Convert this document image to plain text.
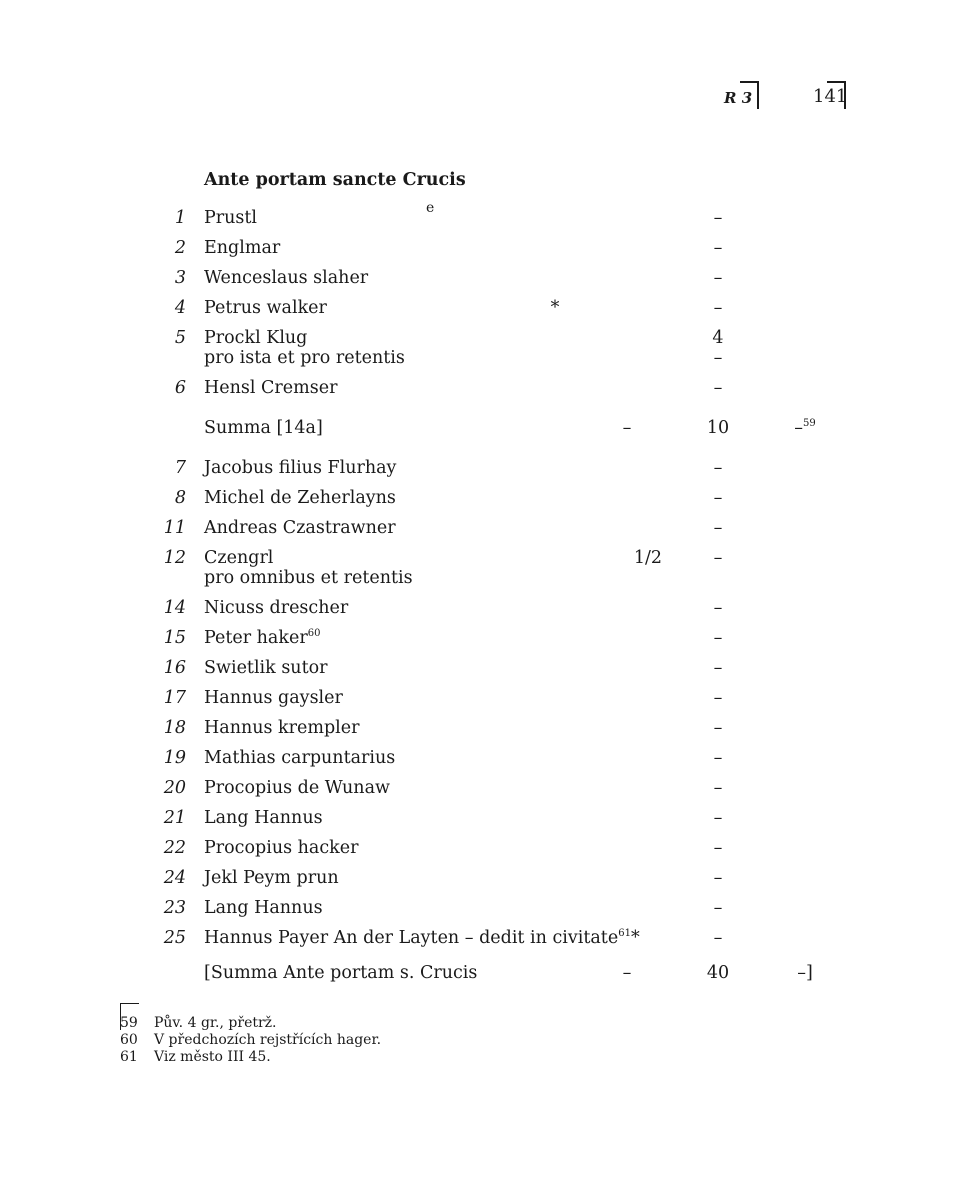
R 3	141
Ante portam sancte Crucis
1 Prustl	e	–
2 Englmar	–
3 Wenceslaus slaher	–
4 Petrus walker	*	–
5 Prockl Klug	4
pro ista et pro retentis	–
6 Hensl Cremser	–
Summa [14a]	–	10	–$^{59}$
7 Jacobus filius Flurhay	–
8 Michel de Zeherlayns	–
11 Andreas Czastrawner	–
12 Czengrl	1/2	–
pro omnibus et retentis
14 Nicuss drescher	–
15 Peter haker$^{60}$	–
16 Swietlik sutor	–
17 Hannus gaysler	–
18 Hannus krempler	–
19 Mathias carpuntarius	–
20 Procopius de Wunaw	–
21 Lang Hannus	–
22 Procopius hacker	–
24 Jekl Peym prun	–
23 Lang Hannus	–
25 Hannus Payer An der Layten – dedit in civitate$^{61}$*	–
[Summa Ante portam s. Crucis	–	40	–]
59 Pův. 4 gr., přetrž.
60 V předchozích rejstřících hager.
61 Viz město III 45.
